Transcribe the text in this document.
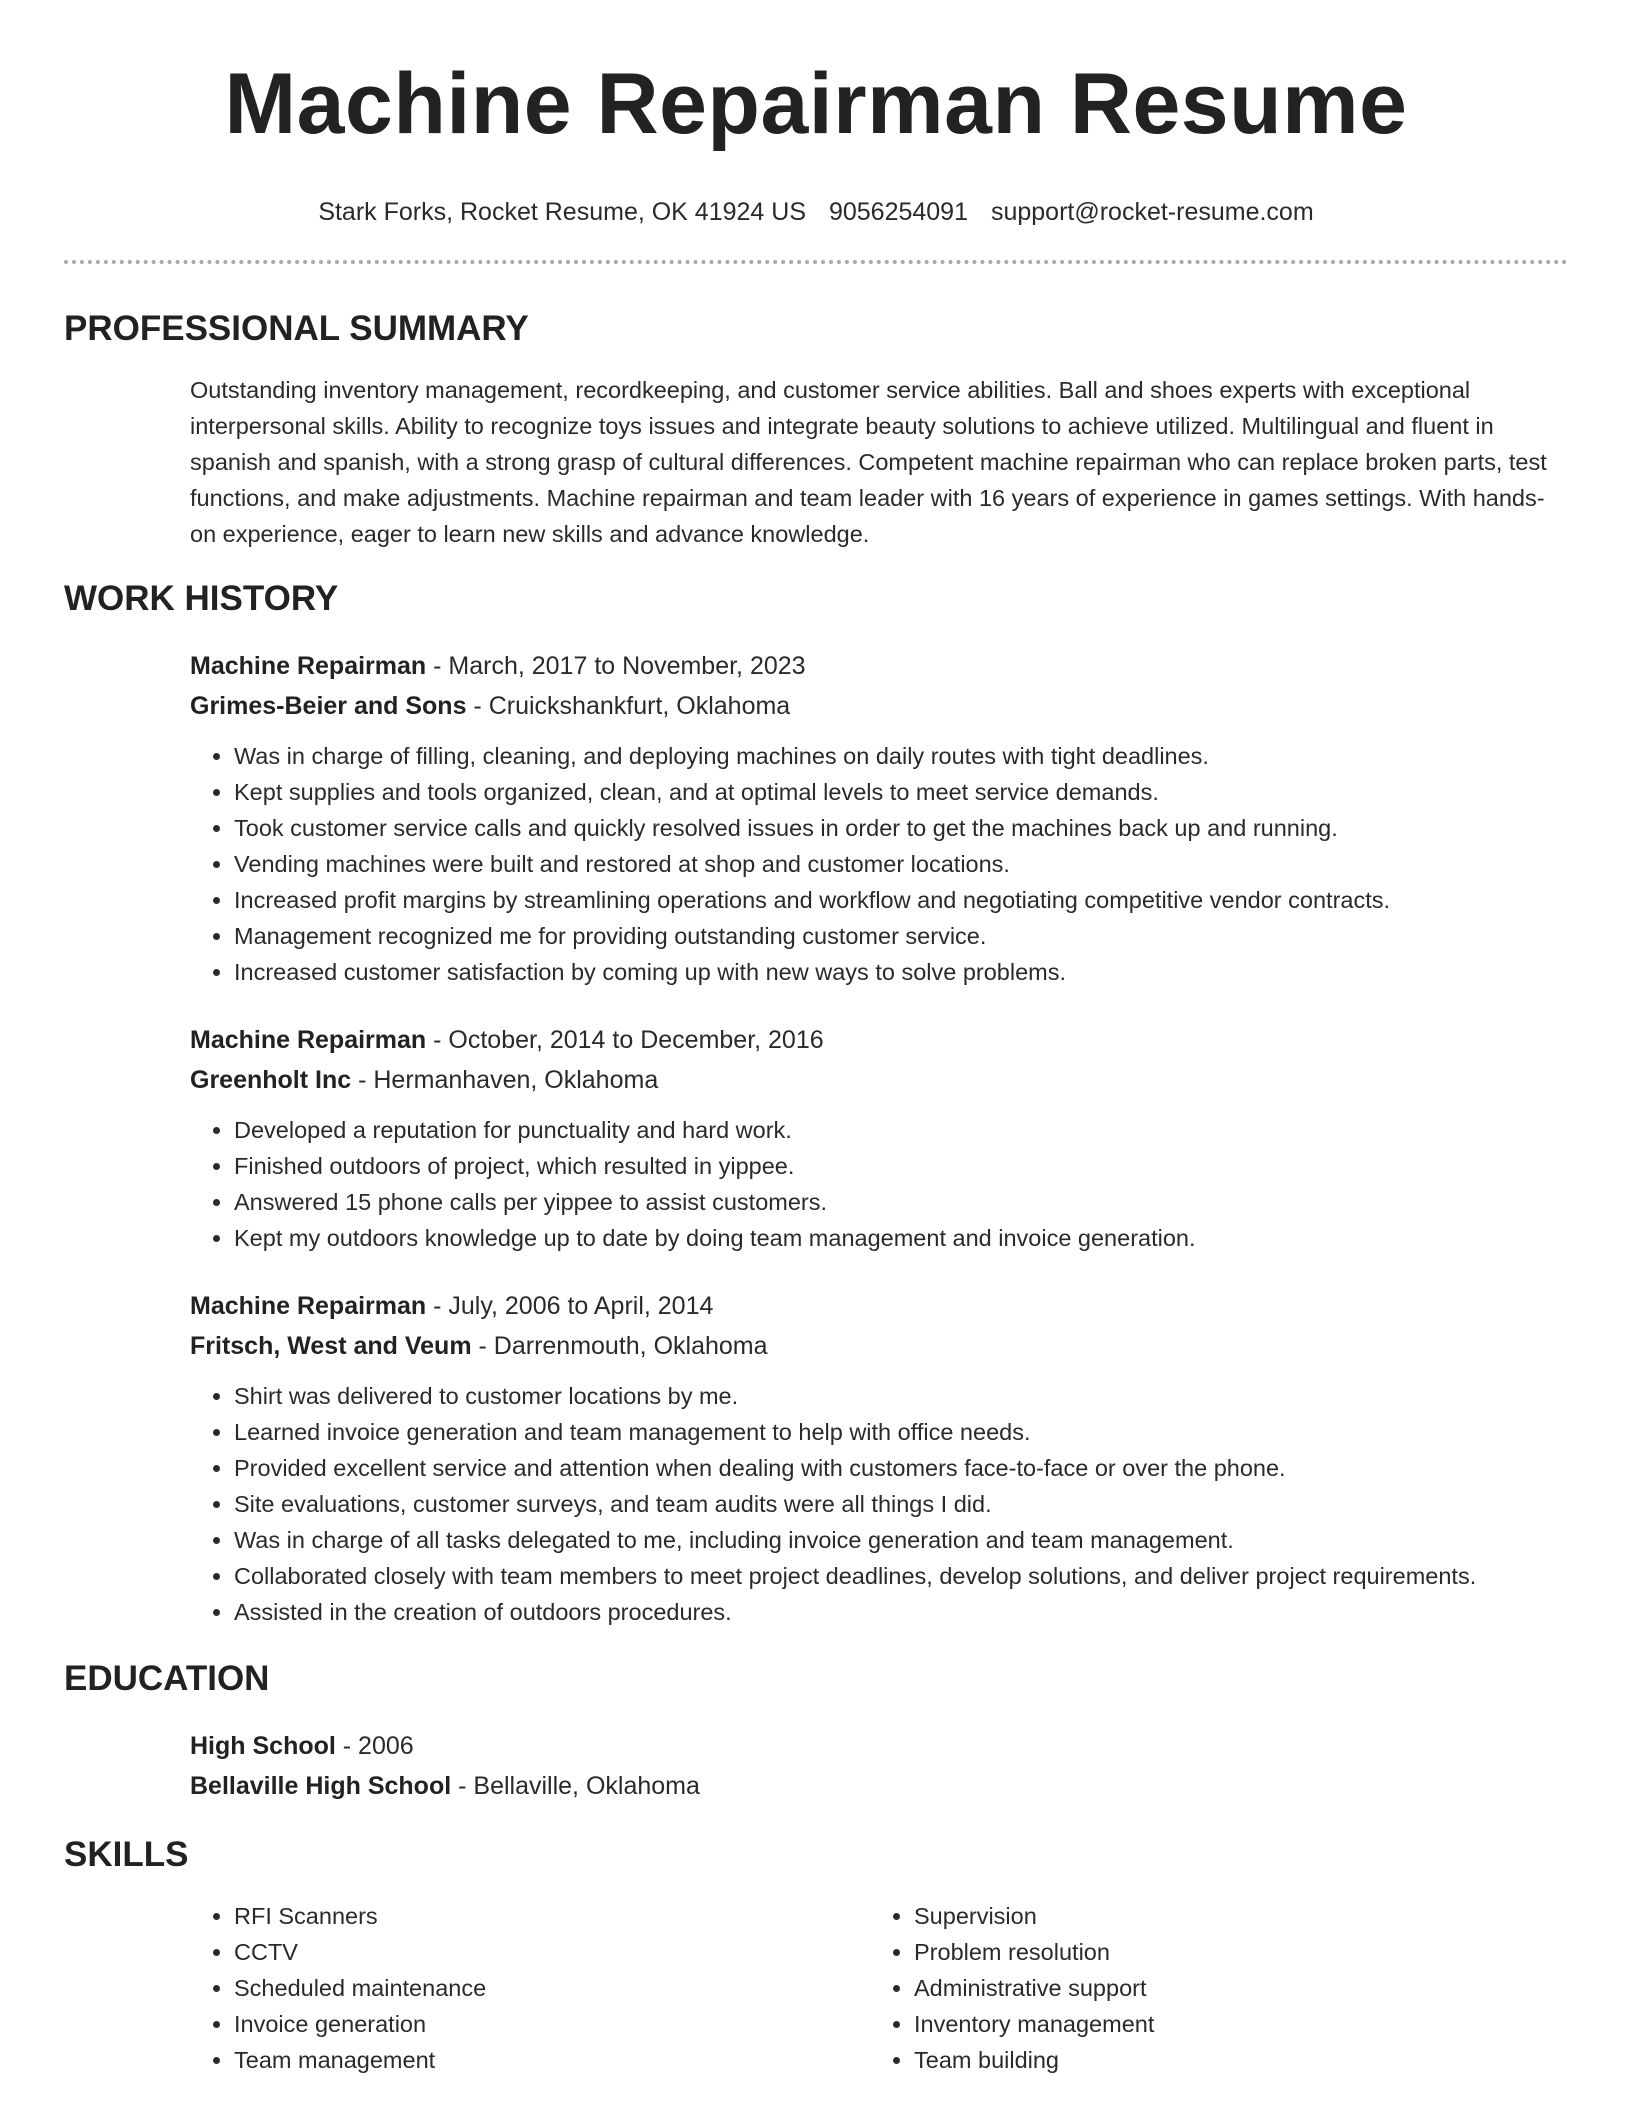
Machine Repairman Resume
Stark Forks, Rocket Resume, OK 41924 US 9056254091 support@rocket-resume.com
PROFESSIONAL SUMMARY

Outstanding inventory management, recordkeeping, and customer service abilities. Ball and shoes experts with exceptional interpersonal skills. Ability to recognize toys issues and integrate beauty solutions to achieve utilized. Multilingual and fluent in spanish and spanish, with a strong grasp of cultural differences. Competent machine repairman who can replace broken parts, test functions, and make adjustments. Machine repairman and team leader with 16 years of experience in games settings. With hands-on experience, eager to learn new skills and advance knowledge.

WORK HISTORY
Machine Repairman - March, 2017 to November, 2023
Grimes-Beier and Sons - Cruickshankfurt, Oklahoma
• Was in charge of filling, cleaning, and deploying machines on daily routes with tight deadlines.
• Kept supplies and tools organized, clean, and at optimal levels to meet service demands.
• Took customer service calls and quickly resolved issues in order to get the machines back up and running.
• Vending machines were built and restored at shop and customer locations.
• Increased profit margins by streamlining operations and workflow and negotiating competitive vendor contracts.
• Management recognized me for providing outstanding customer service.
• Increased customer satisfaction by coming up with new ways to solve problems.
Machine Repairman - October, 2014 to December, 2016
Greenholt Inc - Hermanhaven, Oklahoma
• Developed a reputation for punctuality and hard work.
• Finished outdoors of project, which resulted in yippee.
• Answered 15 phone calls per yippee to assist customers.
• Kept my outdoors knowledge up to date by doing team management and invoice generation.
Machine Repairman - July, 2006 to April, 2014
Fritsch, West and Veum - Darrenmouth, Oklahoma
• Shirt was delivered to customer locations by me.
• Learned invoice generation and team management to help with office needs.
• Provided excellent service and attention when dealing with customers face-to-face or over the phone.
• Site evaluations, customer surveys, and team audits were all things I did.
• Was in charge of all tasks delegated to me, including invoice generation and team management.
• Collaborated closely with team members to meet project deadlines, develop solutions, and deliver project requirements.
• Assisted in the creation of outdoors procedures.
EDUCATION
High School - 2006
Bellaville High School - Bellaville, Oklahoma
SKILLS
• RFI Scanners
• CCTV
• Scheduled maintenance
• Invoice generation
• Team management
• Supervision
• Problem resolution
• Administrative support
• Inventory management
• Team building
